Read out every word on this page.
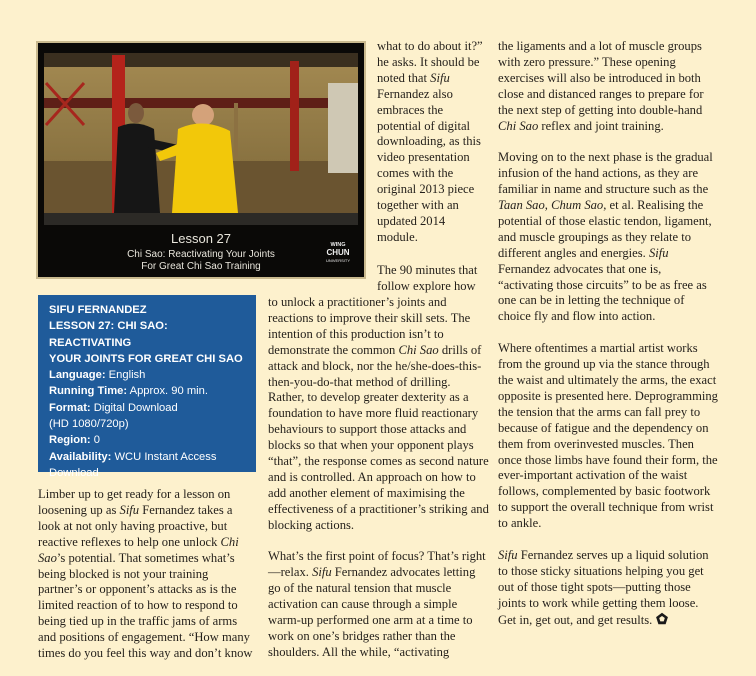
Lesson 27
Chi Sao: Reactivating Your Joints
For Great Chi Sao Training
WING
CHUN
UNIVERSITY
SIFU FERNANDEZ
LESSON 27: CHI SAO: REACTIVATING
YOUR JOINTS FOR GREAT CHI SAO
Language: English
Running Time: Approx. 90 min.
Format: Digital Download
(HD 1080/720p)
Region: 0
Availability: WCU Instant Access
Download

Limber up to get ready for a lesson on loosening up as Sifu Fernandez takes a look at not only having proactive, but reactive reflexes to help one unlock Chi Sao’s potential. That sometimes what’s being blocked is not your training partner’s or opponent’s attacks as is the limited reaction of to how to respond to being tied up in the traffic jams of arms and positions of engagement. “How many times do you feel this way and don’t know

what to do about it?” he asks. It should be noted that Sifu Fernandez also embraces the potential of digital downloading, as this video presentation comes with the original 2013 piece together with an updated 2014 module.

The 90 minutes that follow explore how

to unlock a practitioner’s joints and reactions to improve their skill sets. The intention of this production isn’t to demonstrate the common Chi Sao drills of attack and block, nor the he/she-does-this-then-you-do-that method of drilling. Rather, to develop greater dexterity as a foundation to have more fluid reactionary behaviours to support those attacks and blocks so that when your opponent plays “that”, the response comes as second nature and is controlled. An approach on how to add another element of maximising the effectiveness of a practitioner’s striking and blocking actions.

What’s the first point of focus? That’s right—relax. Sifu Fernandez advocates letting go of the natural tension that muscle activation can cause through a simple warm-up performed one arm at a time to work on one’s bridges rather than the shoulders. All the while, “activating

the ligaments and a lot of muscle groups with zero pressure.” These opening exercises will also be introduced in both close and distanced ranges to prepare for the next step of getting into double-hand Chi Sao reflex and joint training.

Moving on to the next phase is the gradual infusion of the hand actions, as they are familiar in name and structure such as the Taan Sao, Chum Sao, et al. Realising the potential of those elastic tendon, ligament, and muscle groupings as they relate to different angles and energies. Sifu Fernandez advocates that one is, “activating those circuits” to be as free as one can be in letting the technique of choice fly and flow into action.

Where oftentimes a martial artist works from the ground up via the stance through the waist and ultimately the arms, the exact opposite is presented here. Deprogramming the tension that the arms can fall prey to because of fatigue and the dependency on them from overinvested muscles. Then once those limbs have found their form, the ever-important activation of the waist follows, complemented by basic footwork to support the overall technique from wrist to ankle.

Sifu Fernandez serves up a liquid solution to those sticky situations helping you get out of those tight spots—putting those joints to work while getting them loose. Get in, get out, and get results.
